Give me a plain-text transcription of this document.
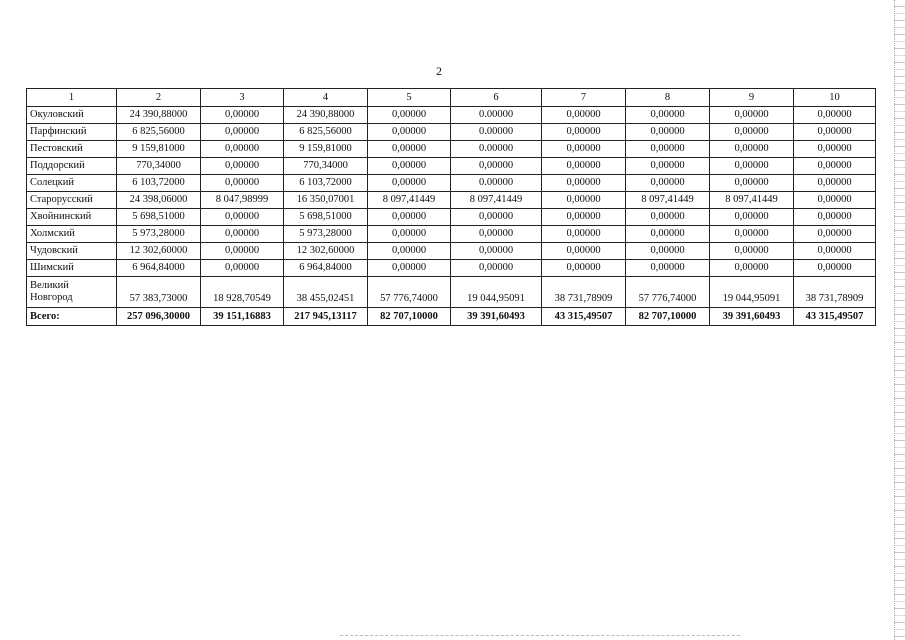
2
1	2	3	4	5	6	7	8	9	10
Окуловский	24 390,88000	0,00000	24 390,88000	0,00000	0.00000	0,00000	0,00000	0,00000	0,00000
Парфинский	6 825,56000	0,00000	6 825,56000	0,00000	0.00000	0,00000	0,00000	0,00000	0,00000
Пестовский	9 159,81000	0,00000	9 159,81000	0,00000	0.00000	0,00000	0,00000	0,00000	0,00000
Поддорский	770,34000	0,00000	770,34000	0,00000	0,00000	0,00000	0,00000	0,00000	0,00000
Солецкий	6 103,72000	0,00000	6 103,72000	0,00000	0.00000	0,00000	0,00000	0,00000	0,00000
Старорусский	24 398,06000	8 047,98999	16 350,07001	8 097,41449	8 097,41449	0,00000	8 097,41449	8 097,41449	0,00000
Хвойнинский	5 698,51000	0,00000	5 698,51000	0,00000	0,00000	0,00000	0,00000	0,00000	0,00000
Холмский	5 973,28000	0,00000	5 973,28000	0,00000	0,00000	0,00000	0,00000	0,00000	0,00000
Чудовский	12 302,60000	0,00000	12 302,60000	0,00000	0,00000	0,00000	0,00000	0,00000	0,00000
Шимский	6 964,84000	0,00000	6 964,84000	0,00000	0,00000	0,00000	0,00000	0,00000	0,00000
Великий Новгород	57 383,73000	18 928,70549	38 455,02451	57 776,74000	19 044,95091	38 731,78909	57 776,74000	19 044,95091	38 731,78909
Всего:	257 096,30000	39 151,16883	217 945,13117	82 707,10000	39 391,60493	43 315,49507	82 707,10000	39 391,60493	43 315,49507
